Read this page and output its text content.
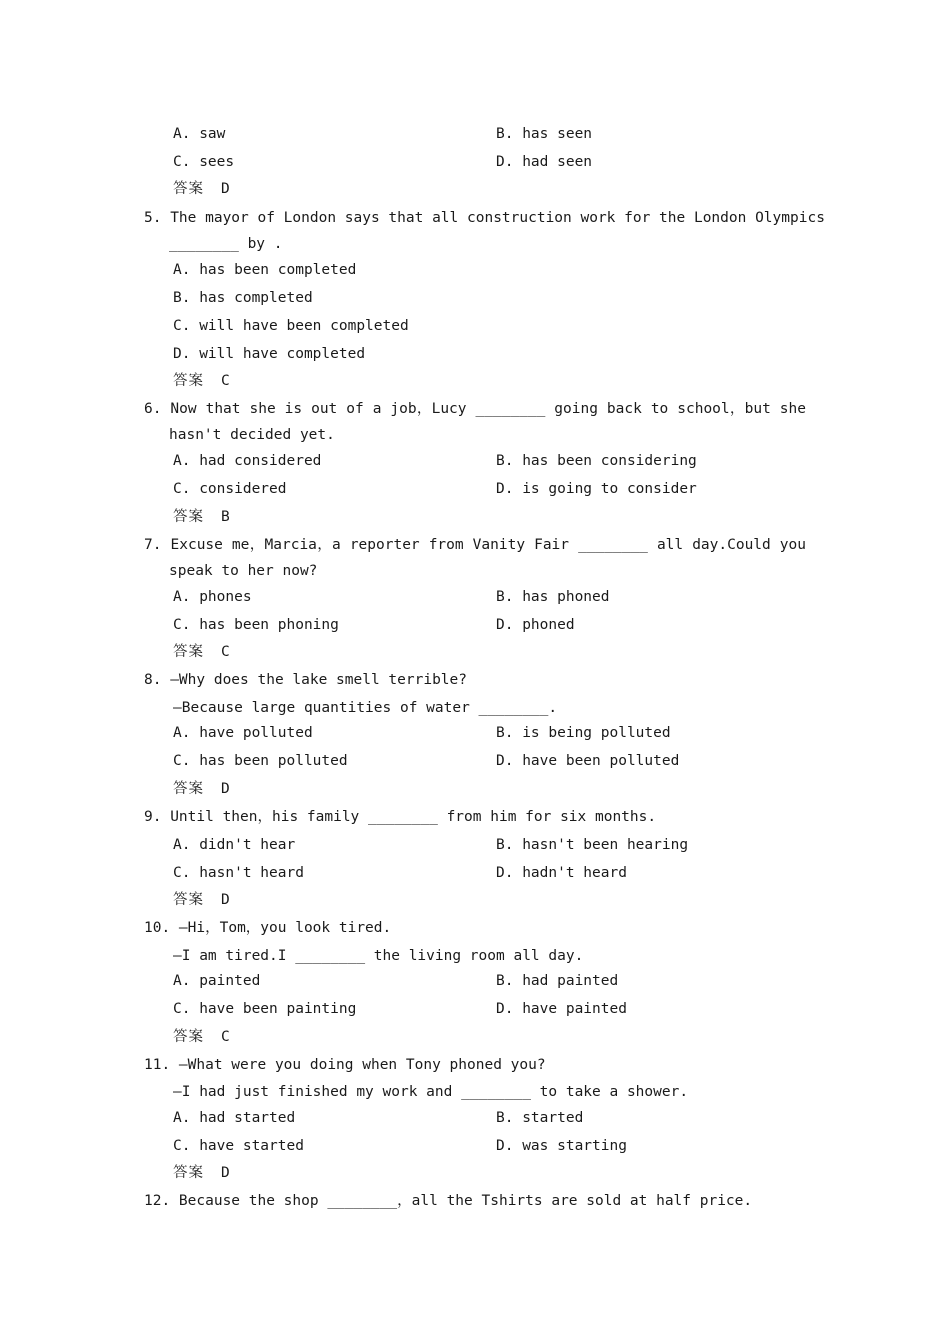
A. saw	B. has seen
C. sees	D. had seen
答案 D
5. The mayor of London says that all construction work for the London Olympics
________ by .
A. has been completed
B. has completed
C. will have been completed
D. will have completed
答案 C
6. Now that she is out of a job，Lucy ________ going back to school，but she
hasn't decided yet.
A. had considered	B. has been considering
C. considered	D. is going to consider
答案 B
7. Excuse me，Marcia，a reporter from Vanity Fair ________ all day.Could you
speak to her now?
A. phones	B. has phoned
C. has been phoning	D. phoned
答案 C
8. —Why does the lake smell terrible?
—Because large quantities of water ________.
A. have polluted	B. is being polluted
C. has been polluted	D. have been polluted
答案 D
9. Until then，his family ________ from him for six months.
A. didn't hear	B. hasn't been hearing
C. hasn't heard	D. hadn't heard
答案 D
10. —Hi，Tom，you look tired.
—I am tired.I ________ the living room all day.
A. painted	B. had painted
C. have been painting	D. have painted
答案 C
11. —What were you doing when Tony phoned you?
—I had just finished my work and ________ to take a shower.
A. had started	B. started
C. have started	D. was starting
答案 D
12. Because the shop ________，all the Tshirts are sold at half price.
